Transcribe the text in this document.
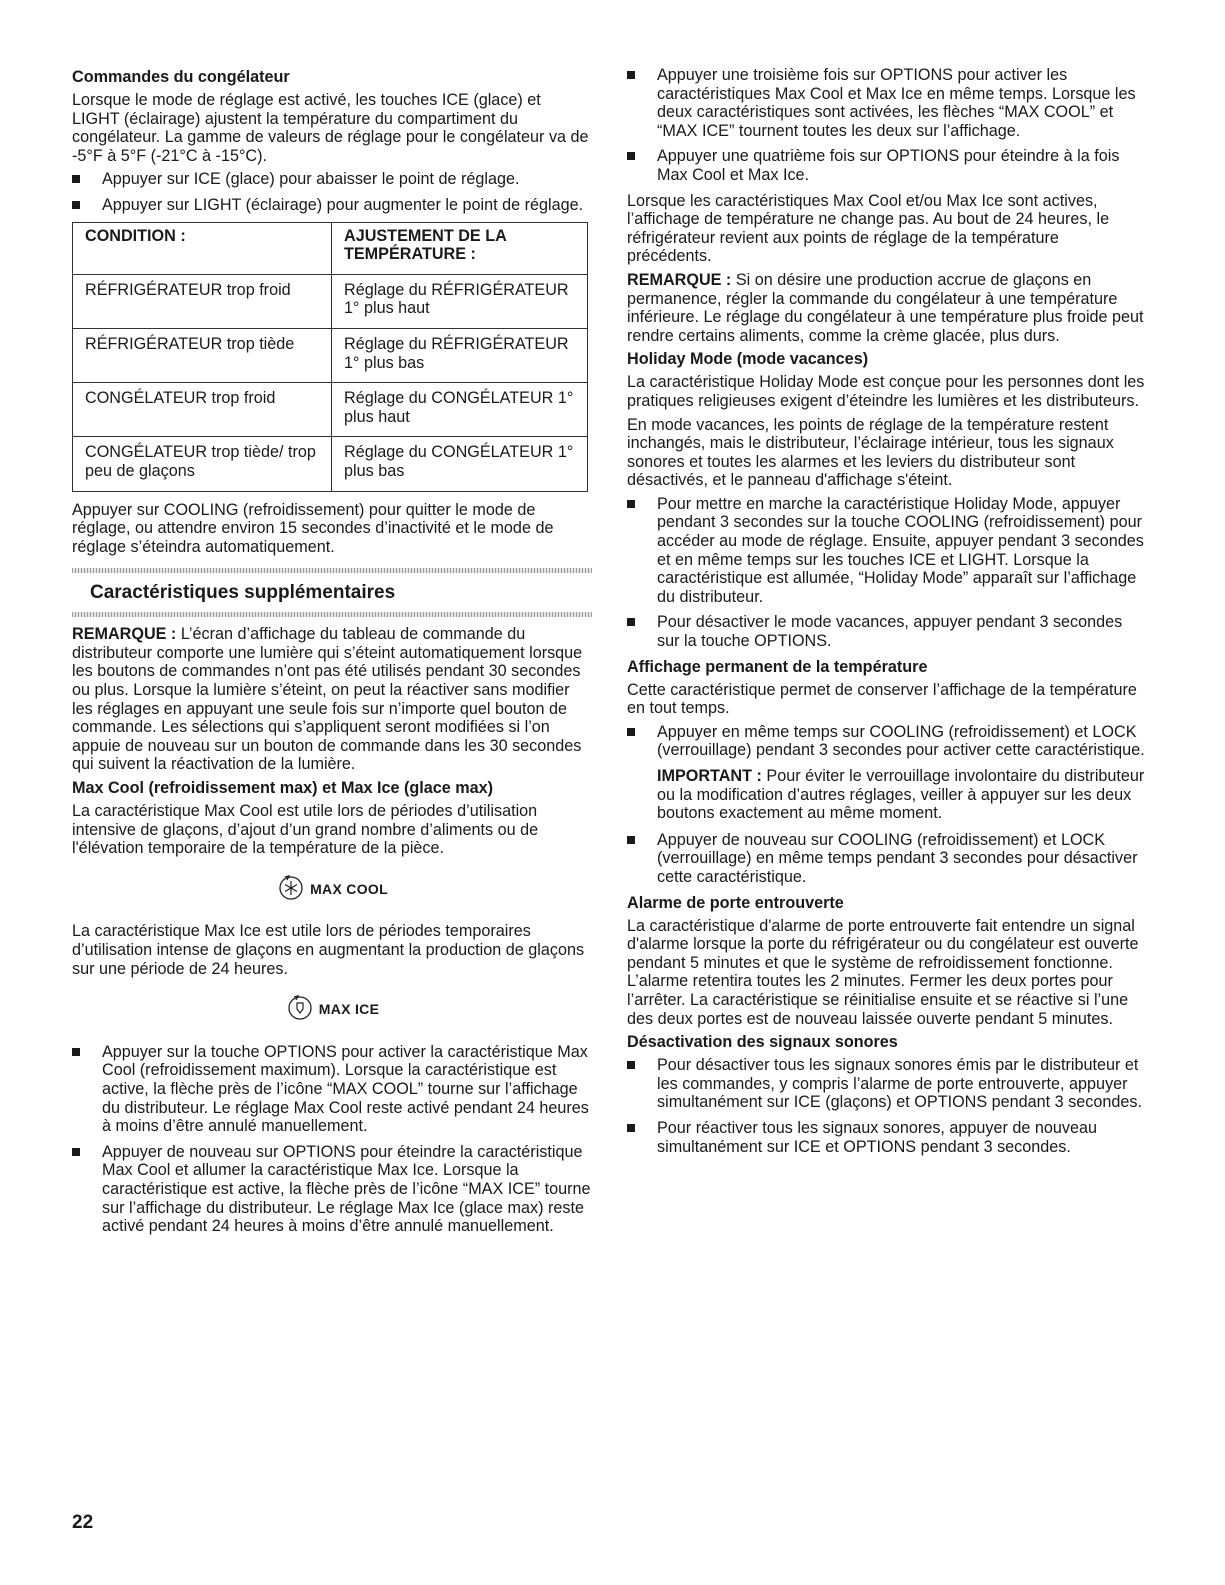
Commandes du congélateur

Lorsque le mode de réglage est activé, les touches ICE (glace) et LIGHT (éclairage) ajustent la température du compartiment du congélateur. La gamme de valeurs de réglage pour le congélateur va de -5°F à 5°F (-21°C à -15°C).

Appuyer sur ICE (glace) pour abaisser le point de réglage.
Appuyer sur LIGHT (éclairage) pour augmenter le point de réglage.
CONDITION :	AJUSTEMENT DE LA TEMPÉRATURE :
RÉFRIGÉRATEUR trop froid	Réglage du RÉFRIGÉRATEUR 1° plus haut
RÉFRIGÉRATEUR trop tiède	Réglage du RÉFRIGÉRATEUR 1° plus bas
CONGÉLATEUR trop froid	Réglage du CONGÉLATEUR 1° plus haut
CONGÉLATEUR trop tiède/ trop peu de glaçons	Réglage du CONGÉLATEUR 1° plus bas

Appuyer sur COOLING (refroidissement) pour quitter le mode de réglage, ou attendre environ 15 secondes d’inactivité et le mode de réglage s’éteindra automatiquement.

Caractéristiques supplémentaires

REMARQUE : L’écran d’affichage du tableau de commande du distributeur comporte une lumière qui s’éteint automatiquement lorsque les boutons de commandes n’ont pas été utilisés pendant 30 secondes ou plus. Lorsque la lumière s’éteint, on peut la réactiver sans modifier les réglages en appuyant une seule fois sur n’importe quel bouton de commande. Les sélections qui s’appliquent seront modifiées si l’on appuie de nouveau sur un bouton de commande dans les 30 secondes qui suivent la réactivation de la lumière.

Max Cool (refroidissement max) et Max Ice (glace max)

La caractéristique Max Cool est utile lors de périodes d’utilisation intensive de glaçons, d’ajout d’un grand nombre d’aliments ou de l'élévation temporaire de la température de la pièce.

MAX COOL

La caractéristique Max Ice est utile lors de périodes temporaires d’utilisation intense de glaçons en augmentant la production de glaçons sur une période de 24 heures.

MAX ICE
Appuyer sur la touche OPTIONS pour activer la caractéristique Max Cool (refroidissement maximum). Lorsque la caractéristique est active, la flèche près de l’icône “MAX COOL” tourne sur l’affichage du distributeur. Le réglage Max Cool reste activé pendant 24 heures à moins d’être annulé manuellement.
Appuyer de nouveau sur OPTIONS pour éteindre la caractéristique Max Cool et allumer la caractéristique Max Ice. Lorsque la caractéristique est active, la flèche près de l’icône “MAX ICE” tourne sur l’affichage du distributeur. Le réglage Max Ice (glace max) reste activé pendant 24 heures à moins d’être annulé manuellement.
Appuyer une troisième fois sur OPTIONS pour activer les caractéristiques Max Cool et Max Ice en même temps. Lorsque les deux caractéristiques sont activées, les flèches “MAX COOL” et “MAX ICE” tournent toutes les deux sur l’affichage.
Appuyer une quatrième fois sur OPTIONS pour éteindre à la fois Max Cool et Max Ice.

Lorsque les caractéristiques Max Cool et/ou Max Ice sont actives, l’affichage de température ne change pas. Au bout de 24 heures, le réfrigérateur revient aux points de réglage de la température précédents.

REMARQUE : Si on désire une production accrue de glaçons en permanence, régler la commande du congélateur à une température inférieure. Le réglage du congélateur à une température plus froide peut rendre certains aliments, comme la crème glacée, plus durs.

Holiday Mode (mode vacances)

La caractéristique Holiday Mode est conçue pour les personnes dont les pratiques religieuses exigent d’éteindre les lumières et les distributeurs.

En mode vacances, les points de réglage de la température restent inchangés, mais le distributeur, l’éclairage intérieur, tous les signaux sonores et toutes les alarmes et les leviers du distributeur sont désactivés, et le panneau d'affichage s'éteint.

Pour mettre en marche la caractéristique Holiday Mode, appuyer pendant 3 secondes sur la touche COOLING (refroidissement) pour accéder au mode de réglage. Ensuite, appuyer pendant 3 secondes et en même temps sur les touches ICE et LIGHT. Lorsque la caractéristique est allumée, “Holiday Mode” apparaît sur l’affichage du distributeur.
Pour désactiver le mode vacances, appuyer pendant 3 secondes sur la touche OPTIONS.
Affichage permanent de la température

Cette caractéristique permet de conserver l’affichage de la température en tout temps.

Appuyer en même temps sur COOLING (refroidissement) et LOCK (verrouillage) pendant 3 secondes pour activer cette caractéristique.

IMPORTANT : Pour éviter le verrouillage involontaire du distributeur ou la modification d’autres réglages, veiller à appuyer sur les deux boutons exactement au même moment.

Appuyer de nouveau sur COOLING (refroidissement) et LOCK (verrouillage) en même temps pendant 3 secondes pour désactiver cette caractéristique.
Alarme de porte entrouverte

La caractéristique d'alarme de porte entrouverte fait entendre un signal d'alarme lorsque la porte du réfrigérateur ou du congélateur est ouverte pendant 5 minutes et que le système de refroidissement fonctionne. L’alarme retentira toutes les 2 minutes. Fermer les deux portes pour l’arrêter. La caractéristique se réinitialise ensuite et se réactive si l’une des deux portes est de nouveau laissée ouverte pendant 5 minutes.

Désactivation des signaux sonores
Pour désactiver tous les signaux sonores émis par le distributeur et les commandes, y compris l’alarme de porte entrouverte, appuyer simultanément sur ICE (glaçons) et OPTIONS pendant 3 secondes.
Pour réactiver tous les signaux sonores, appuyer de nouveau simultanément sur ICE et OPTIONS pendant 3 secondes.
22
